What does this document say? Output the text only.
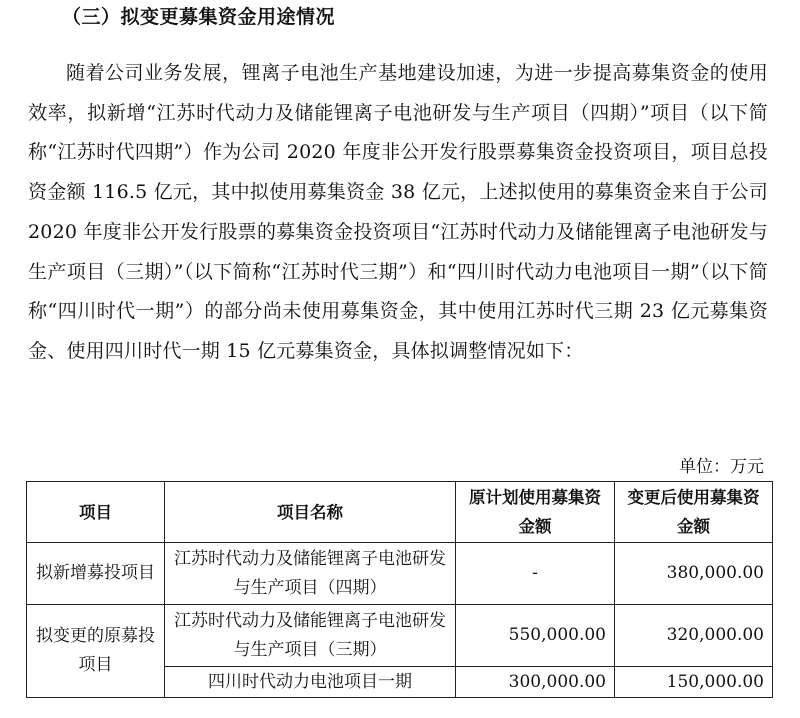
（三）拟变更募集资金用途情况
随着公司业务发展，锂离子电池生产基地建设加速，为进一步提高募集资金的使用效率，拟新增“江苏时代动力及储能锂离子电池研发与生产项目（四期）”项目（以下简称“江苏时代四期”）作为公司 2020 年度非公开发行股票募集资金投资项目，项目总投资金额 116.5 亿元，其中拟使用募集资金 38 亿元，上述拟使用的募集资金来自于公司 2020 年度非公开发行股票的募集资金投资项目“江苏时代动力及储能锂离子电池研发与生产项目（三期）”（以下简称“江苏时代三期”）和“四川时代动力电池项目一期”（以下简称“四川时代一期”）的部分尚未使用募集资金，其中使用江苏时代三期 23 亿元募集资金、使用四川时代一期 15 亿元募集资金，具体拟调整情况如下：
单位：万元
项目	项目名称	原计划使用募集资金额	变更后使用募集资金额
拟新增募投项目	江苏时代动力及储能锂离子电池研发与生产项目（四期）	-	380,000.00
拟变更的原募投项目	江苏时代动力及储能锂离子电池研发与生产项目（三期）	550,000.00	320,000.00
	四川时代动力电池项目一期	300,000.00	150,000.00
